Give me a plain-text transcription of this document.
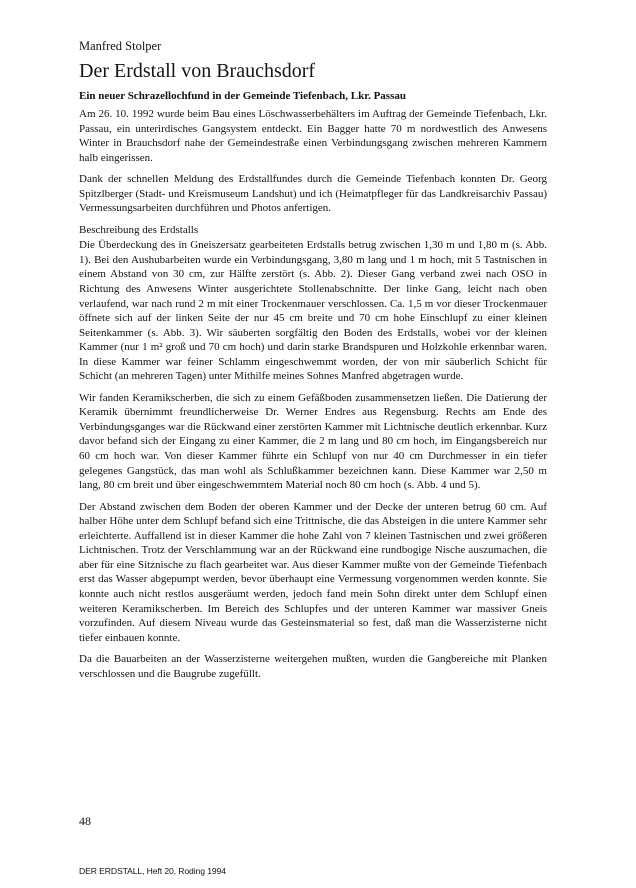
Manfred Stolper
Der Erdstall von Brauchsdorf
Ein neuer Schrazellochfund in der Gemeinde Tiefenbach, Lkr. Passau

Am 26. 10. 1992 wurde beim Bau eines Löschwasserbehälters im Auftrag der Gemeinde Tiefenbach, Lkr. Passau, ein unterirdisches Gangsystem entdeckt. Ein Bagger hatte 70 m nordwestlich des Anwesens Winter in Brauchsdorf nahe der Gemeindestraße einen Verbindungsgang zwischen mehreren Kammern halb eingerissen.

Dank der schnellen Meldung des Erdstallfundes durch die Gemeinde Tiefenbach konnten Dr. Georg Spitzlberger (Stadt- und Kreismuseum Landshut) und ich (Heimatpfleger für das Landkreisarchiv Passau) Vermessungsarbeiten durchführen und Photos anfertigen.

Beschreibung des Erdstalls

Die Überdeckung des in Gneiszersatz gearbeiteten Erdstalls betrug zwischen 1,30 m und 1,80 m (s. Abb. 1). Bei den Aushubarbeiten wurde ein Verbindungsgang, 3,80 m lang und 1 m hoch, mit 5 Tastnischen in einem Abstand von 30 cm, zur Hälfte zerstört (s. Abb. 2). Dieser Gang verband zwei nach OSO in Richtung des Anwesens Winter ausgerichtete Stollenabschnitte. Der linke Gang, leicht nach oben verlaufend, war nach rund 2 m mit einer Trockenmauer verschlossen. Ca. 1,5 m vor dieser Trockenmauer öffnete sich auf der linken Seite der nur 45 cm breite und 70 cm hohe Einschlupf zu einer kleinen Seitenkammer (s. Abb. 3). Wir säuberten sorgfältig den Boden des Erdstalls, wobei vor der kleinen Kammer (nur 1 m² groß und 70 cm hoch) und darin starke Brandspuren und Holzkohle erkennbar waren. In diese Kammer war feiner Schlamm eingeschwemmt worden, der von mir säuberlich Schicht für Schicht (an mehreren Tagen) unter Mithilfe meines Sohnes Manfred abgetragen wurde.

Wir fanden Keramikscherben, die sich zu einem Gefäßboden zusammensetzen ließen. Die Datierung der Keramik übernimmt freundlicherweise Dr. Werner Endres aus Regensburg. Rechts am Ende des Verbindungsganges war die Rückwand einer zerstörten Kammer mit Lichtnische deutlich erkennbar. Kurz davor befand sich der Eingang zu einer Kammer, die 2 m lang und 80 cm hoch, im Eingangsbereich nur 60 cm hoch war. Von dieser Kammer führte ein Schlupf von nur 40 cm Durchmesser in ein tiefer gelegenes Gangstück, das man wohl als Schlußkammer bezeichnen kann. Diese Kammer war 2,50 m lang, 80 cm breit und über eingeschwemmtem Material noch 80 cm hoch (s. Abb. 4 und 5).

Der Abstand zwischen dem Boden der oberen Kammer und der Decke der unteren betrug 60 cm. Auf halber Höhe unter dem Schlupf befand sich eine Trittnische, die das Absteigen in die untere Kammer sehr erleichterte. Auffallend ist in dieser Kammer die hohe Zahl von 7 kleinen Tastnischen und zwei größeren Lichtnischen. Trotz der Verschlammung war an der Rückwand eine rundbogige Nische auszumachen, die aber für eine Sitznische zu flach gearbeitet war. Aus dieser Kammer mußte von der Gemeinde Tiefenbach erst das Wasser abgepumpt werden, bevor überhaupt eine Vermessung vorgenommen werden konnte. Sie konnte auch nicht restlos ausgeräumt werden, jedoch fand mein Sohn direkt unter dem Schlupf einen weiteren Keramikscherben. Im Bereich des Schlupfes und der unteren Kammer war massiver Gneis vorzufinden. Auf diesem Niveau wurde das Gesteinsmaterial so fest, daß man die Wasserzisterne nicht tiefer einbauen konnte.

Da die Bauarbeiten an der Wasserzisterne weitergehen mußten, wurden die Gangbereiche mit Planken verschlossen und die Baugrube zugefüllt.

48
DER ERDSTALL, Heft 20, Roding 1994
